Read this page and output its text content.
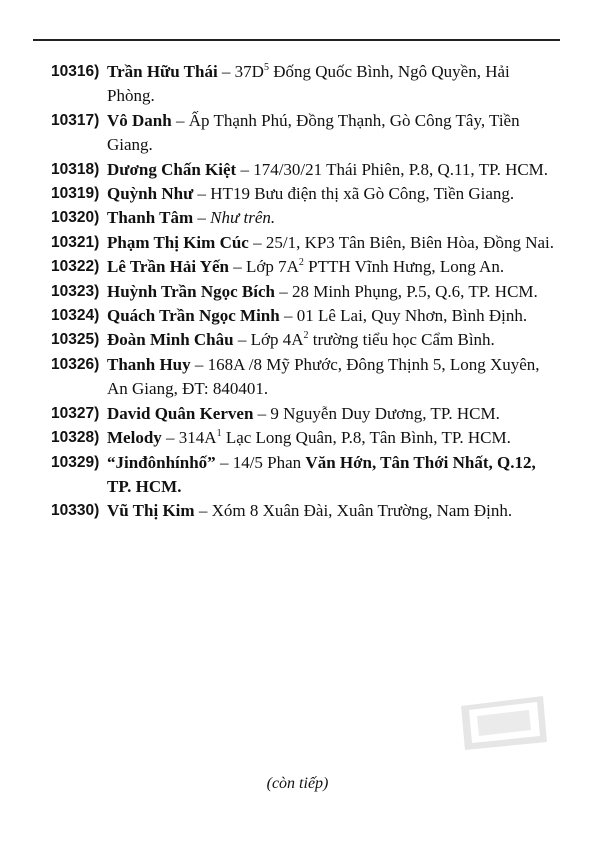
10316) Trần Hữu Thái – $37D^5$ Đống Quốc Bình, Ngô Quyền, Hải Phòng.
10317) Vô Danh – Ấp Thạnh Phú, Đồng Thạnh, Gò Công Tây, Tiền Giang.
10318) Dương Chấn Kiệt – 174/30/21 Thái Phiên, P.8, Q.11, TP. HCM.
10319) Quỳnh Như – HT19 Bưu điện thị xã Gò Công, Tiền Giang.
10320) Thanh Tâm – Như trên.
10321) Phạm Thị Kim Cúc – 25/1, KP3 Tân Biên, Biên Hòa, Đồng Nai.
10322) Lê Trần Hải Yến – Lớp $7A^2$ PTTH Vĩnh Hưng, Long An.
10323) Huỳnh Trần Ngọc Bích – 28 Minh Phụng, P.5, Q.6, TP. HCM.
10324) Quách Trần Ngọc Minh – 01 Lê Lai, Quy Nhơn, Bình Định.
10325) Đoàn Minh Châu – Lớp $4A^2$ trường tiểu học Cẩm Bình.
10326) Thanh Huy – 168A /8 Mỹ Phước, Đông Thịnh 5, Long Xuyên, An Giang, ĐT: 840401.
10327) David Quân Kerven – 9 Nguyễn Duy Dương, TP. HCM.
10328) Melody – $314A^1$ Lạc Long Quân, P.8, Tân Bình, TP. HCM.
10329) “Jinđônhínhố” – 14/5 Phan Văn Hớn, Tân Thới Nhất, Q.12, TP. HCM.
10330) Vũ Thị Kim – Xóm 8 Xuân Đài, Xuân Trường, Nam Định.
(còn tiếp)
